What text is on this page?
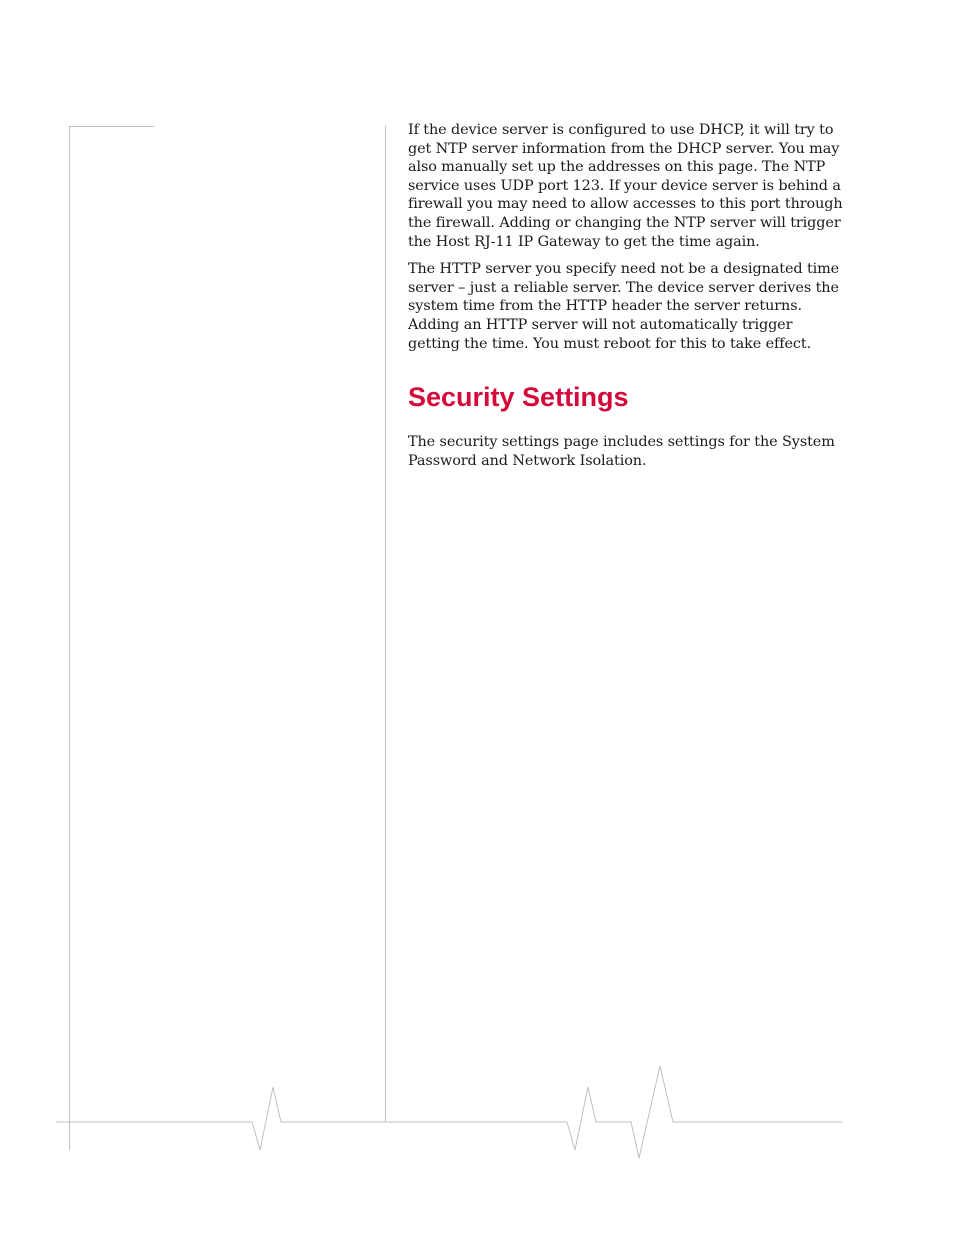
If the device server is configured to use DHCP, it will try to get NTP server information from the DHCP server. You may also manually set up the addresses on this page. The NTP service uses UDP port 123. If your device server is behind a firewall you may need to allow accesses to this port through the firewall. Adding or changing the NTP server will trigger the Host RJ-11 IP Gateway to get the time again.

The HTTP server you specify need not be a designated time server – just a reliable server. The device server derives the system time from the HTTP header the server returns. Adding an HTTP server will not automatically trigger getting the time. You must reboot for this to take effect.

Security Settings

The security settings page includes settings for the System Password and Network Isolation.
